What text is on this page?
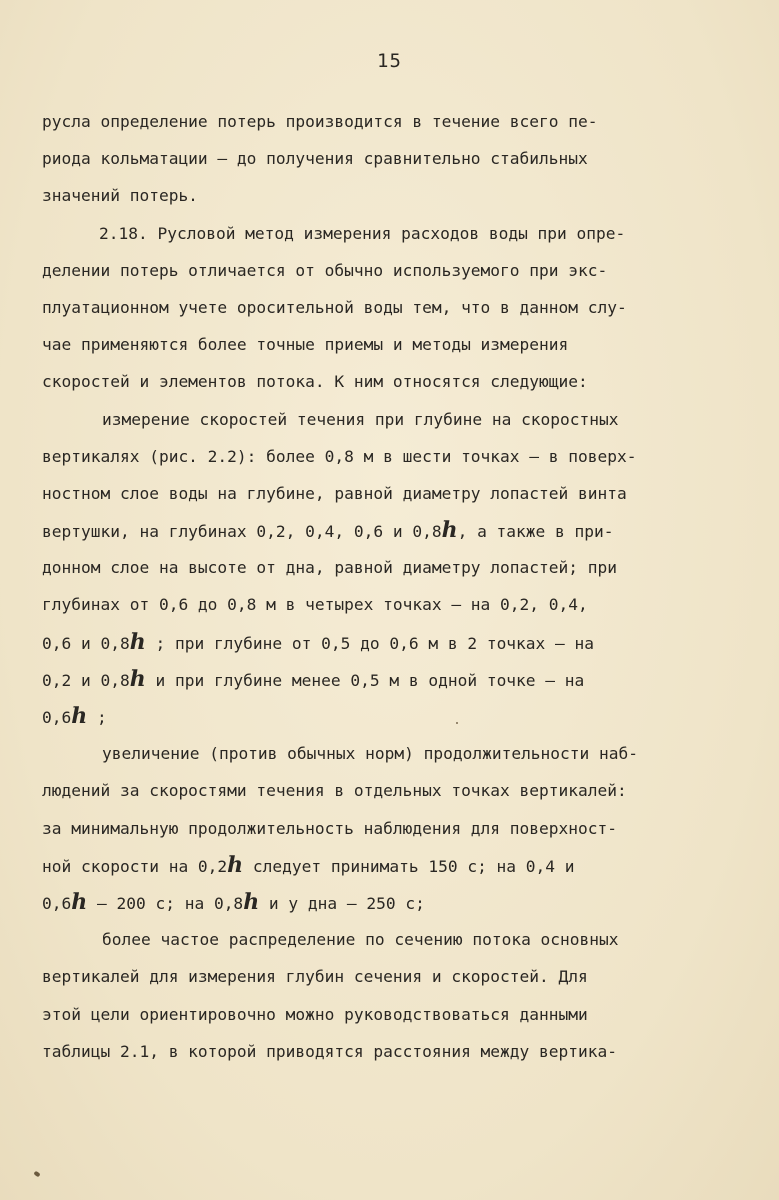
15
русла определение потерь производится в течение всего пе-
риода кольматации – до получения сравнительно стабильных
значений потерь.
2.18. Русловой метод измерения расходов воды при опре-
делении потерь отличается от обычно используемого при экс-
плуатационном учете оросительной воды тем, что в данном слу-
чае применяются более точные приемы и методы измерения
скоростей и элементов потока. К ним относятся следующие:
измерение скоростей течения при глубине на скоростных
вертикалях (рис. 2.2): более 0,8 м в шести точках – в поверх-
ностном слое воды на глубине, равной диаметру лопастей винта
вертушки, на глубинах 0,2, 0,4, 0,6 и 0,8ℎ, а также в при-
донном слое на высоте от дна, равной диаметру лопастей; при
глубинах от 0,6 до 0,8 м в четырех точках – на 0,2, 0,4,
0,6 и 0,8ℎ ; при глубине от 0,5 до 0,6 м в 2 точках – на
0,2 и 0,8ℎ и при глубине менее 0,5 м в одной точке – на
0,6ℎ ;
увеличение (против обычных норм) продолжительности наб-
людений за скоростями течения в отдельных точках вертикалей:
за минимальную продолжительность наблюдения для поверхност-
ной скорости на 0,2ℎ следует принимать 150 с; на 0,4 и
0,6ℎ – 200 с; на 0,8ℎ и у дна – 250 с;
более частое распределение по сечению потока основных
вертикалей для измерения глубин сечения и скоростей. Для
этой цели ориентировочно можно руководствоваться данными
таблицы 2.1, в которой приводятся расстояния между вертика-
